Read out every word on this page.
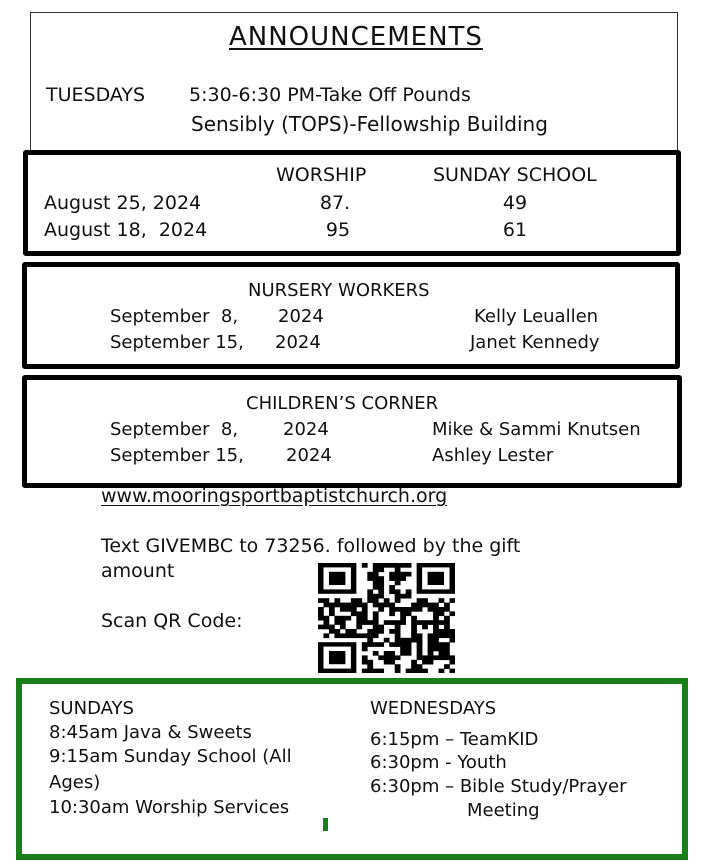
ANNOUNCEMENTS
TUESDAYS 5:30-6:30 PM-Take Off Pounds
Sensibly (TOPS)-Fellowship Building
WORSHIP	SUNDAY SCHOOL
August 25, 2024	87.	49
August 18,  2024	95	61
NURSERY WORKERS
September  8, 2024	Kelly Leuallen
September 15, 2024	Janet Kennedy
CHILDREN’S CORNER
September  8, 2024	Mike & Sammi Knutsen
September 15, 2024	Ashley Lester
www.mooringsportbaptistchurch.org
Text GIVEMBC to 73256. followed by the gift
amount
Scan QR Code:
SUNDAYS
8:45am Java & Sweets
9:15am Sunday School (All
Ages)
10:30am Worship Services
WEDNESDAYS
6:15pm – TeamKID
6:30pm - Youth
6:30pm – Bible Study/Prayer
Meeting
